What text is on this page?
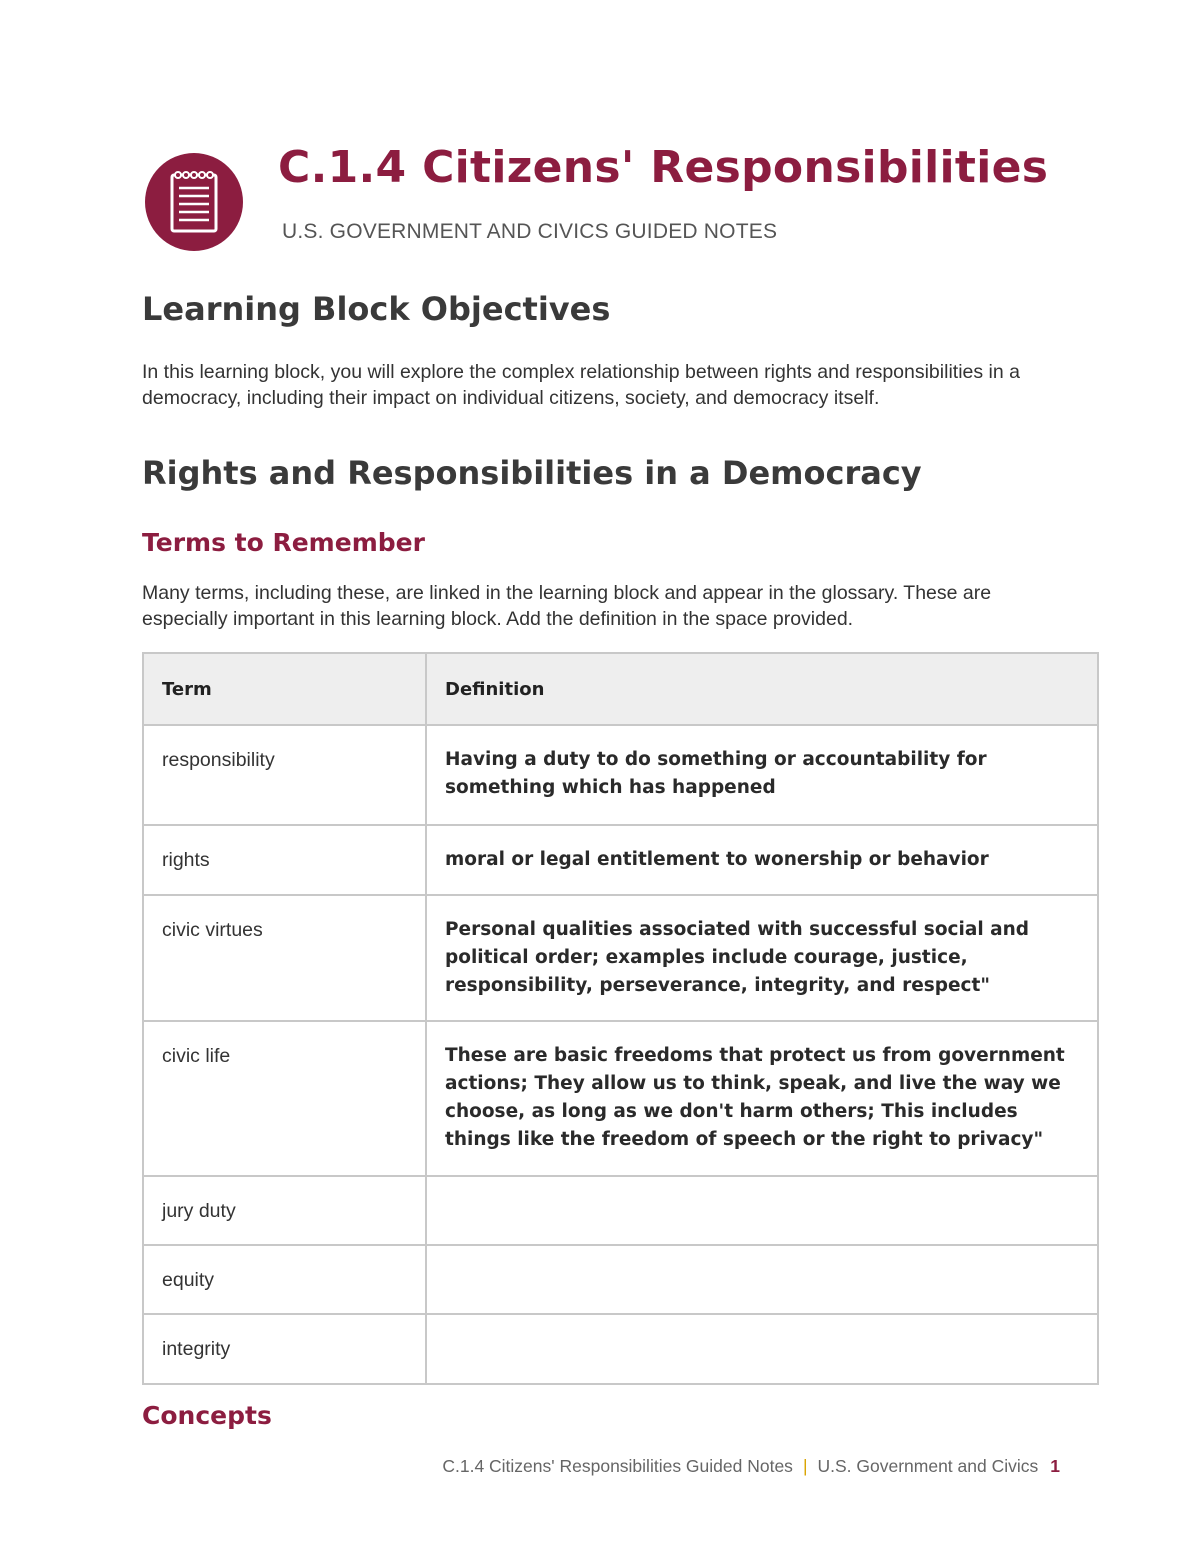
C.1.4 Citizens' Responsibilities
U.S. GOVERNMENT AND CIVICS GUIDED NOTES
Learning Block Objectives

In this learning block, you will explore the complex relationship between rights and responsibilities in a democracy, including their impact on individual citizens, society, and democracy itself.

Rights and Responsibilities in a Democracy
Terms to Remember

Many terms, including these, are linked in the learning block and appear in the glossary. These are especially important in this learning block. Add the definition in the space provided.

Term	Definition
responsibility	Having a duty to do something or accountability for something which has happened
rights	moral or legal entitlement to wonership or behavior
civic virtues	Personal qualities associated with successful social and political order; examples include courage, justice, responsibility, perseverance, integrity, and respect"
civic life	These are basic freedoms that protect us from government actions; They allow us to think, speak, and live the way we choose, as long as we don't harm others; This includes things like the freedom of speech or the right to privacy"
jury duty	
equity	
integrity	
Concepts
C.1.4 Citizens' Responsibilities Guided Notes | U.S. Government and Civics 1
